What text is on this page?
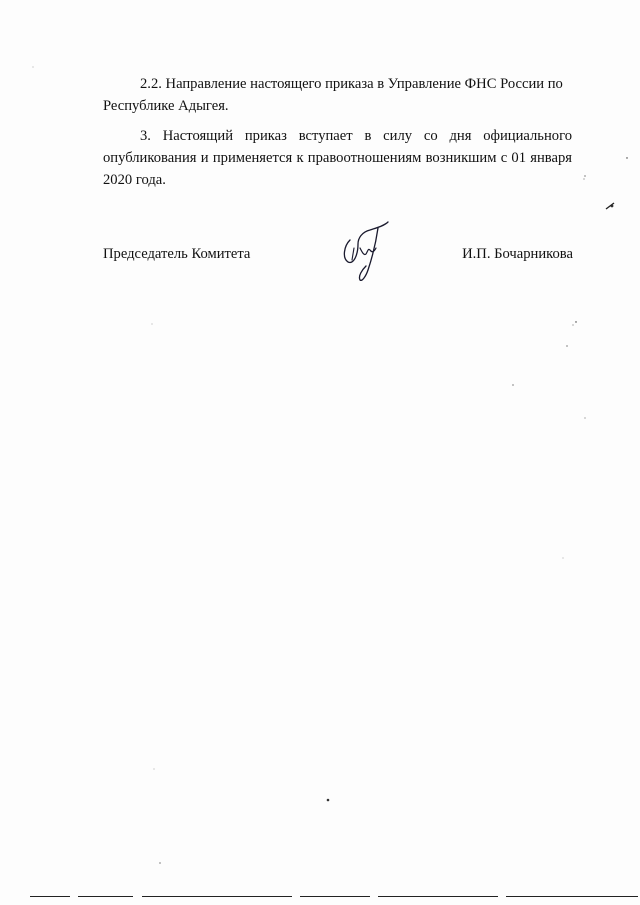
2.2. Направление настоящего приказа в Управление ФНС России по Республике Адыгея.

3. Настоящий приказ вступает в силу со дня официального опубликования и применяется к правоотношениям возникшим с 01 января 2020 года.

Председатель Комитета	И.П. Бочарникова
